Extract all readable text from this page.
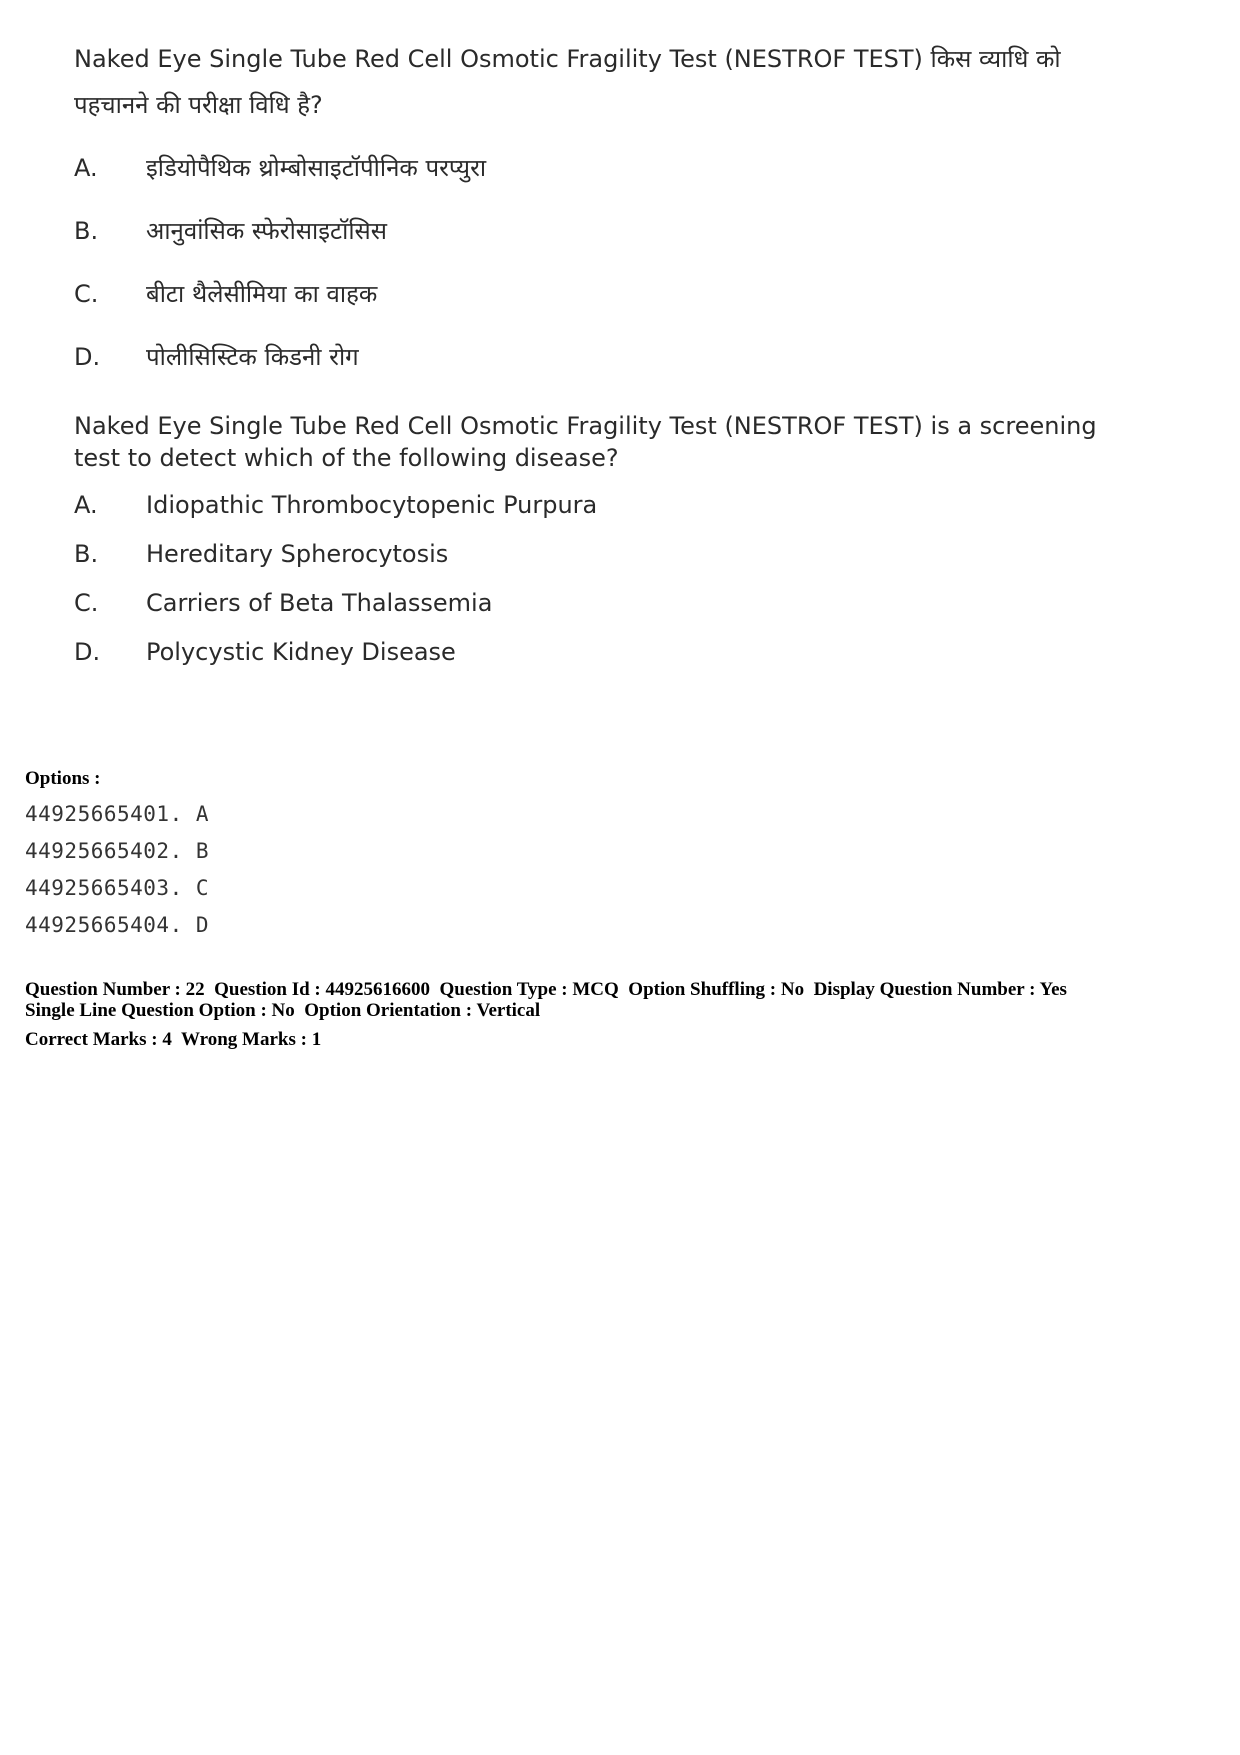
Naked Eye Single Tube Red Cell Osmotic Fragility Test (NESTROF TEST) किस व्याधि को पहचानने की परीक्षा विधि है?

A.	इडियोपैथिक थ्रोम्बोसाइटॉपीनिक परप्युरा
B.	आनुवांसिक स्फेरोसाइटॉसिस
C.	बीटा थैलेसीमिया का वाहक
D.	पोलीसिस्टिक किडनी रोग

Naked Eye Single Tube Red Cell Osmotic Fragility Test (NESTROF TEST) is a screening test to detect which of the following disease?

A.	Idiopathic Thrombocytopenic Purpura
B.	Hereditary Spherocytosis
C.	Carriers of Beta Thalassemia
D.	Polycystic Kidney Disease

Options :

44925665401. A
44925665402. B
44925665403. C
44925665404. D
Question Number : 22  Question Id : 44925616600  Question Type : MCQ  Option Shuffling : No  Display Question Number : Yes
Single Line Question Option : No  Option Orientation : Vertical
Correct Marks : 4  Wrong Marks : 1
